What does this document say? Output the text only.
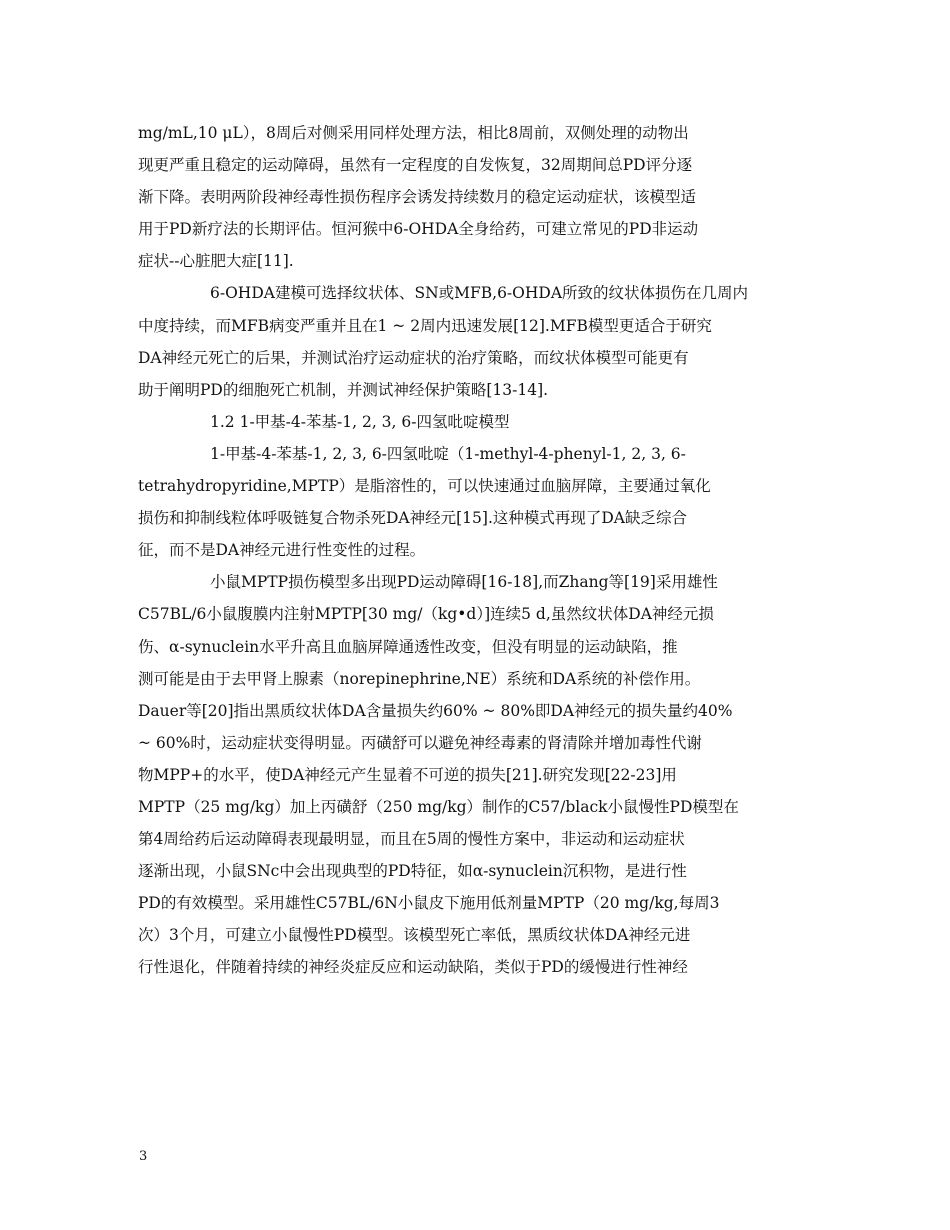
mg/mL,10 μL），8周后对侧采用同样处理方法，相比8周前，双侧处理的动物出
现更严重且稳定的运动障碍，虽然有一定程度的自发恢复，32周期间总PD评分逐
渐下降。表明两阶段神经毒性损伤程序会诱发持续数月的稳定运动症状，该模型适
用于PD新疗法的长期评估。恒河猴中6-OHDA全身给药，可建立常见的PD非运动
症状--心脏肥大症[11].
6-OHDA建模可选择纹状体、SN或MFB,6-OHDA所致的纹状体损伤在几周内
中度持续，而MFB病变严重并且在1 ~ 2周内迅速发展[12].MFB模型更适合于研究
DA神经元死亡的后果，并测试治疗运动症状的治疗策略，而纹状体模型可能更有
助于阐明PD的细胞死亡机制，并测试神经保护策略[13-14].
1.2 1-甲基-4-苯基-1, 2, 3, 6-四氢吡啶模型
1-甲基-4-苯基-1, 2, 3, 6-四氢吡啶（1-methyl-4-phenyl-1, 2, 3, 6-
tetrahydropyridine,MPTP）是脂溶性的，可以快速通过血脑屏障，主要通过氧化
损伤和抑制线粒体呼吸链复合物杀死DA神经元[15].这种模式再现了DA缺乏综合
征，而不是DA神经元进行性变性的过程。
小鼠MPTP损伤模型多出现PD运动障碍[16-18],而Zhang等[19]采用雄性
C57BL/6小鼠腹膜内注射MPTP[30 mg/（kg•d）]连续5 d,虽然纹状体DA神经元损
伤、α-synuclein水平升高且血脑屏障通透性改变，但没有明显的运动缺陷，推
测可能是由于去甲肾上腺素（norepinephrine,NE）系统和DA系统的补偿作用。
Dauer等[20]指出黑质纹状体DA含量损失约60% ~ 80%即DA神经元的损失量约40%
~ 60%时，运动症状变得明显。丙磺舒可以避免神经毒素的肾清除并增加毒性代谢
物MPP+的水平，使DA神经元产生显着不可逆的损失[21].研究发现[22-23]用
MPTP（25 mg/kg）加上丙磺舒（250 mg/kg）制作的C57/black小鼠慢性PD模型在
第4周给药后运动障碍表现最明显，而且在5周的慢性方案中，非运动和运动症状
逐渐出现，小鼠SNc中会出现典型的PD特征，如α-synuclein沉积物，是进行性
PD的有效模型。采用雄性C57BL/6N小鼠皮下施用低剂量MPTP（20 mg/kg,每周3
次）3个月，可建立小鼠慢性PD模型。该模型死亡率低，黑质纹状体DA神经元进
行性退化，伴随着持续的神经炎症反应和运动缺陷，类似于PD的缓慢进行性神经
3
